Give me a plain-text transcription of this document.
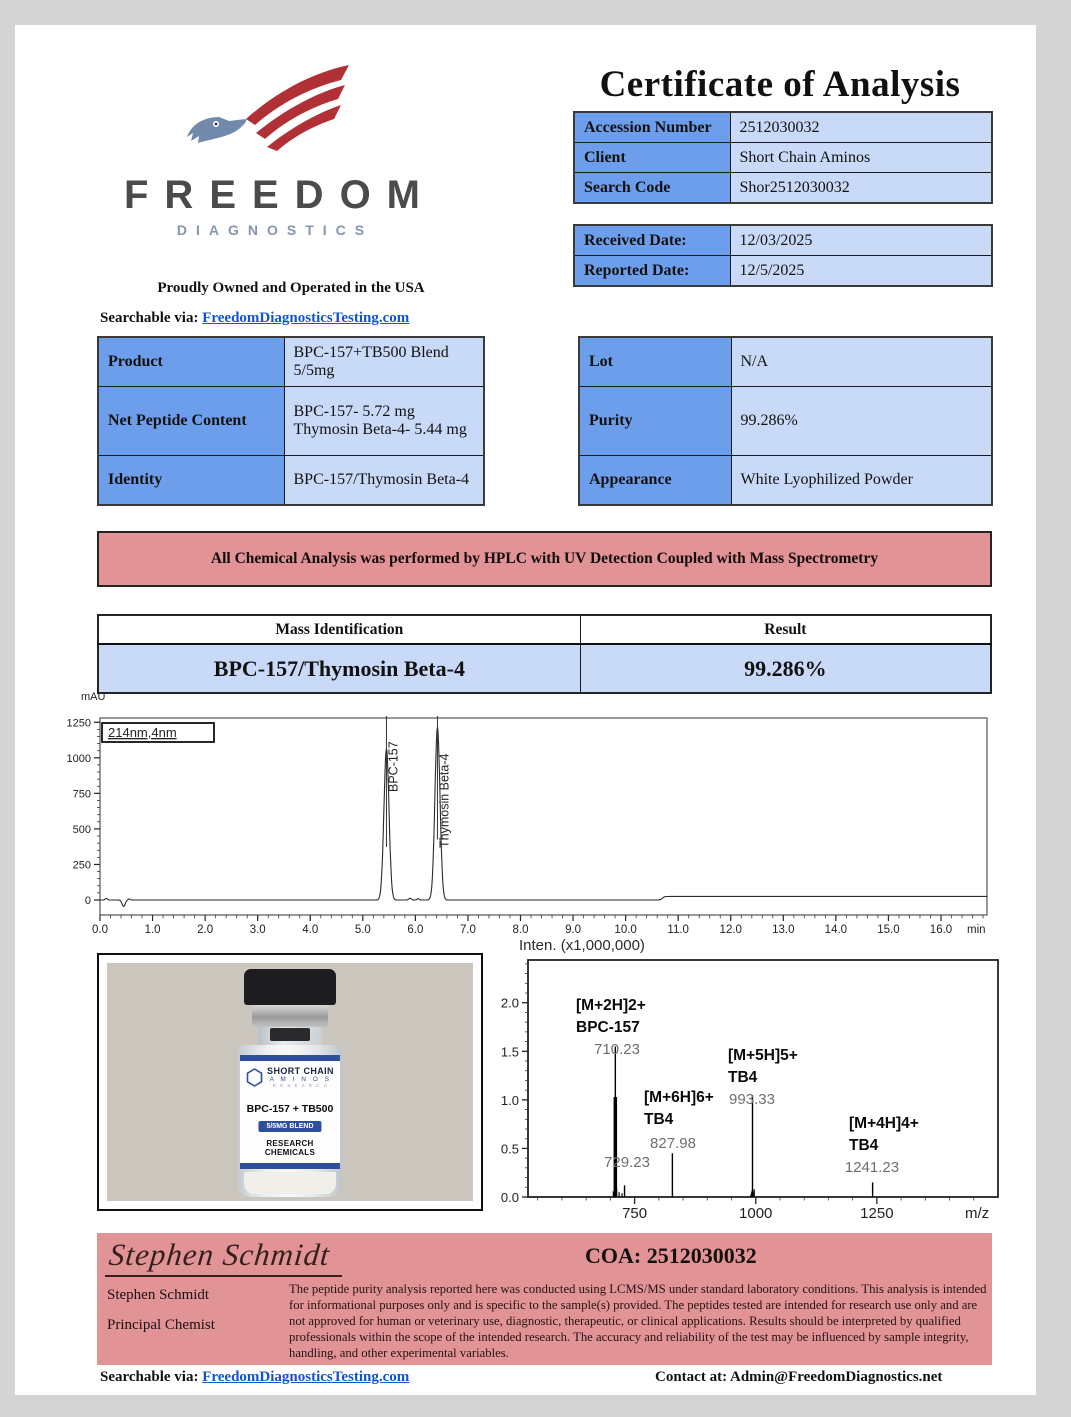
FREEDOM
DIAGNOSTICS
Certificate of Analysis
Accession Number	2512030032
Client	Short Chain Aminos
Search Code	Shor2512030032
Received Date:	12/03/2025
Reported Date:	12/5/2025
Proudly Owned and Operated in the USA
Searchable via: FreedomDiagnosticsTesting.com
Product	BPC-157+TB500 Blend 5/5mg
Net Peptide Content	BPC-157- 5.72 mg Thymosin Beta-4- 5.44 mg
Identity	BPC-157/Thymosin Beta-4
Lot	N/A
Purity	99.286%
Appearance	White Lyophilized Powder
All Chemical Analysis was performed by HPLC with UV Detection Coupled with Mass Spectrometry
Mass Identification	Result
BPC-157/Thymosin Beta-4	99.286%
mAU
0
250
500
750
1000
1250
0.0	1.0	2.0	3.0	4.0	5.0	6.0	7.0	8.0	9.0	10.0	11.0	12.0	13.0	14.0	15.0	16.0 min
BPC-157	Thymosin Beta-4
214nm,4nm
Inten. (x1,000,000)
0.0
0.5
1.0
1.5
2.0
750	1000	1250	m/z
[M+2H]2+
BPC-157
710.23
729.23
[M+6H]6+
TB4
827.98
[M+5H]5+
TB4
993.33
[M+4H]4+
TB4
1241.23
SHORT CHAIN
A M I N O S
R E S E A R C H
BPC-157 + TB500
5/5MG BLEND
RESEARCH CHEMICALS
Stephen Schmidt	COA: 2512030032
Stephen Schmidt
Principal Chemist
The peptide purity analysis reported here was conducted using LCMS/MS under standard laboratory conditions. This analysis is intended for informational purposes only and is specific to the sample(s) provided. The peptides tested are intended for research use only and are not approved for human or veterinary use, diagnostic, therapeutic, or clinical applications. Results should be interpreted by qualified professionals within the scope of the intended research. The accuracy and reliability of the test may be influenced by sample integrity, handling, and other experimental variables.
Searchable via: FreedomDiagnosticsTesting.com	Contact at: Admin@FreedomDiagnostics.net
